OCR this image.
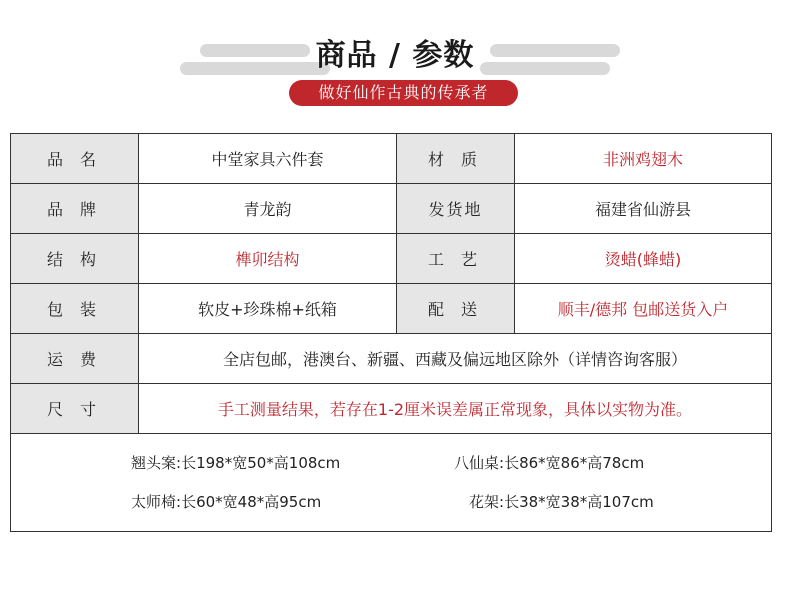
商品 / 参数
做好仙作古典的传承者
品 名	中堂家具六件套	材 质	非洲鸡翅木
品 牌	青龙韵	发货地	福建省仙游县
结 构	榫卯结构	工 艺	烫蜡(蜂蜡)
包 装	软皮+珍珠棉+纸箱	配 送	顺丰/德邦 包邮送货入户
运 费	全店包邮，港澳台、新疆、西藏及偏远地区除外（详情咨询客服）
尺 寸	手工测量结果，若存在1-2厘米误差属正常现象，具体以实物为准。
翘头案:长198*宽50*高108cm	八仙桌:长86*宽86*高78cm
太师椅:长60*宽48*高95cm	花架:长38*宽38*高107cm
